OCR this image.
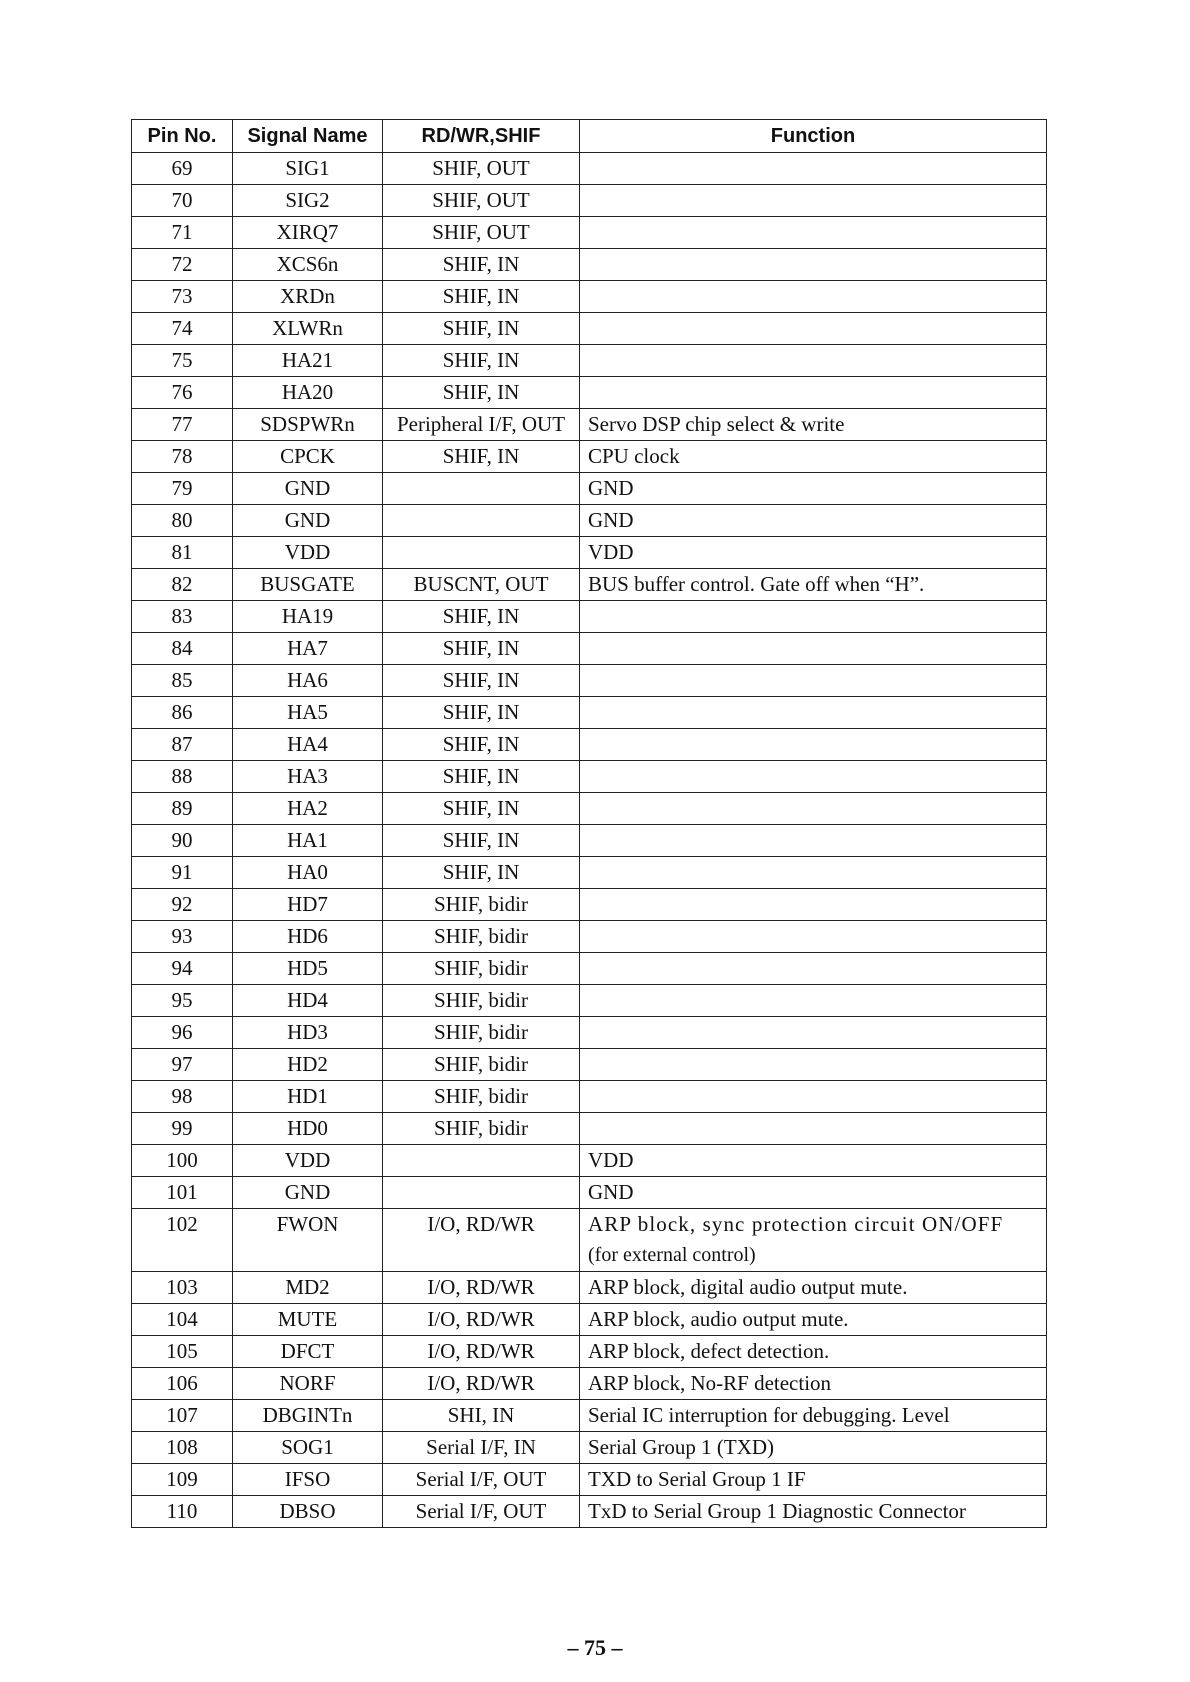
Pin No.	Signal Name	RD/WR,SHIF	Function
69	SIG1	SHIF, OUT	
70	SIG2	SHIF, OUT	
71	XIRQ7	SHIF, OUT	
72	XCS6n	SHIF, IN	
73	XRDn	SHIF, IN	
74	XLWRn	SHIF, IN	
75	HA21	SHIF, IN	
76	HA20	SHIF, IN	
77	SDSPWRn	Peripheral I/F, OUT	Servo DSP chip select & write
78	CPCK	SHIF, IN	CPU clock
79	GND		GND
80	GND		GND
81	VDD		VDD
82	BUSGATE	BUSCNT, OUT	BUS buffer control. Gate off when “H”.
83	HA19	SHIF, IN	
84	HA7	SHIF, IN	
85	HA6	SHIF, IN	
86	HA5	SHIF, IN	
87	HA4	SHIF, IN	
88	HA3	SHIF, IN	
89	HA2	SHIF, IN	
90	HA1	SHIF, IN	
91	HA0	SHIF, IN	
92	HD7	SHIF, bidir	
93	HD6	SHIF, bidir	
94	HD5	SHIF, bidir	
95	HD4	SHIF, bidir	
96	HD3	SHIF, bidir	
97	HD2	SHIF, bidir	
98	HD1	SHIF, bidir	
99	HD0	SHIF, bidir	
100	VDD		VDD
101	GND		GND
102	FWON	I/O, RD/WR	ARP block, sync protection circuit ON/OFF
(for external control)

103	MD2	I/O, RD/WR	ARP block, digital audio output mute.
104	MUTE	I/O, RD/WR	ARP block, audio output mute.
105	DFCT	I/O, RD/WR	ARP block, defect detection.
106	NORF	I/O, RD/WR	ARP block, No-RF detection
107	DBGINTn	SHI, IN	Serial IC interruption for debugging. Level
108	SOG1	Serial I/F, IN	Serial Group 1 (TXD)
109	IFSO	Serial I/F, OUT	TXD to Serial Group 1 IF
110	DBSO	Serial I/F, OUT	TxD to Serial Group 1 Diagnostic Connector
– 75 –
